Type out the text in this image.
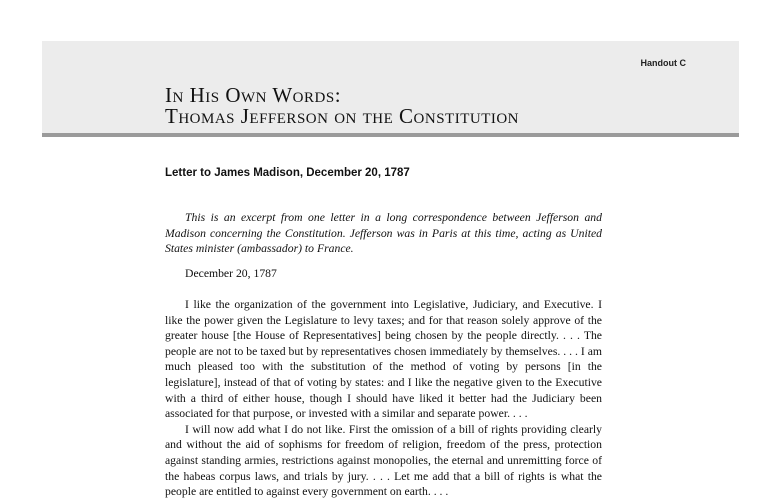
Handout C
In His Own Words:
Thomas Jefferson on the Constitution
Letter to James Madison, December 20, 1787
This is an excerpt from one letter in a long correspondence between Jefferson and Madison concerning the Constitution. Jefferson was in Paris at this time, acting as United States minister (ambassador) to France.
December 20, 1787

I like the organization of the government into Legislative, Judiciary, and Executive. I like the power given the Legislature to levy taxes; and for that reason solely approve of the greater house [the House of Representatives] being chosen by the people directly. . . . The people are not to be taxed but by representatives chosen immediately by themselves. . . . I am much pleased too with the substitution of the method of voting by persons [in the legislature], instead of that of voting by states: and I like the negative given to the Executive with a third of either house, though I should have liked it better had the Judiciary been associated for that purpose, or invested with a similar and separate power. . . .

I will now add what I do not like. First the omission of a bill of rights providing clearly and without the aid of sophisms for freedom of religion, freedom of the press, protection against standing armies, restrictions against monopolies, the eternal and unremitting force of the habeas corpus laws, and trials by jury. . . . Let me add that a bill of rights is what the people are entitled to against every government on earth. . . .
